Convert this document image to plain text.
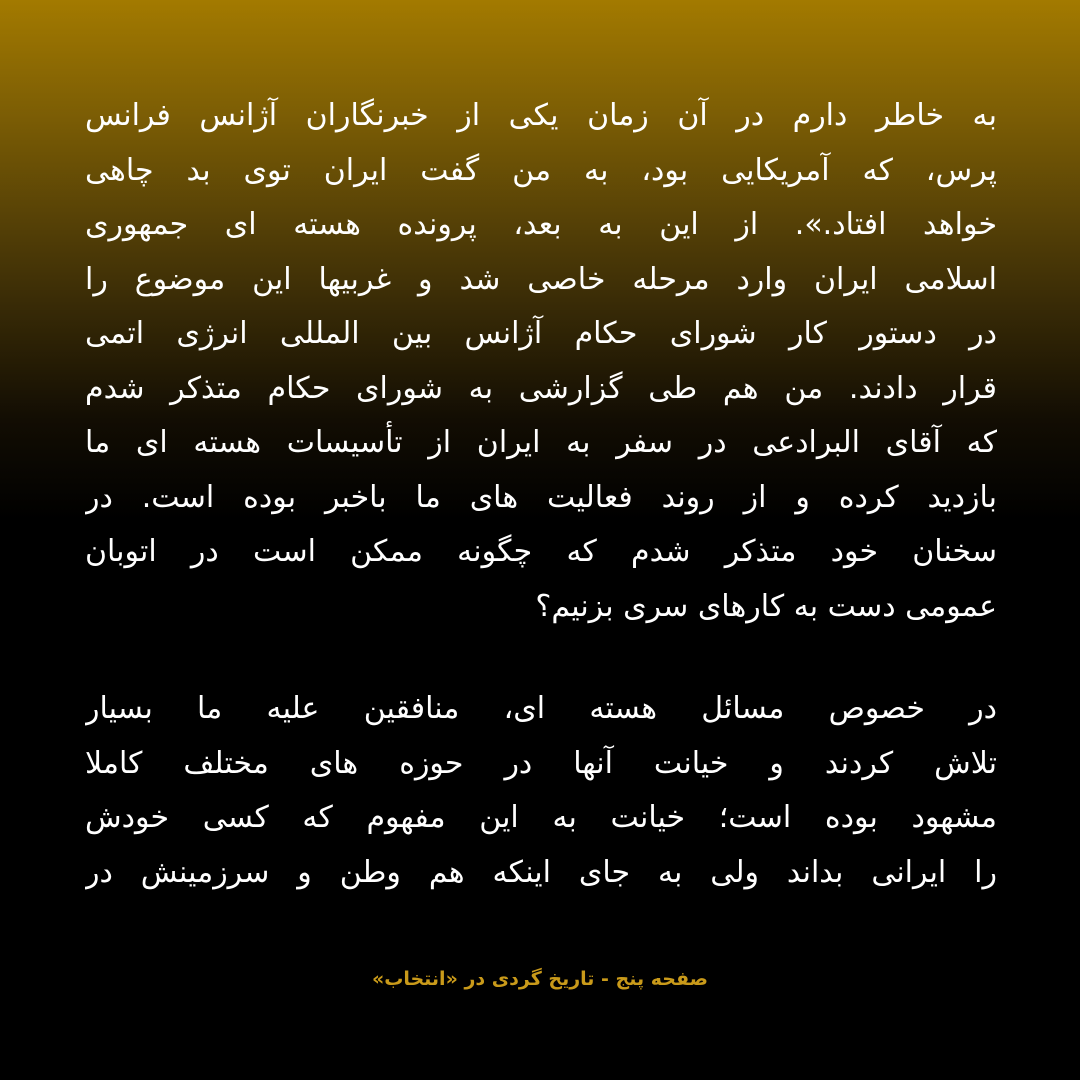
به خاطر دارم در آن زمان یکی از خبرنگاران آژانس فرانس
پرس، که آمریکایی بود، به من گفت ایران توی بد چاهی
خواهد افتاد.». از این به بعد، پرونده هسته ای جمهوری
اسلامی ایران وارد مرحله خاصی شد و غربیها این موضوع را
در دستور کار شورای حکام آژانس بین المللی انرژی اتمی
قرار دادند. من هم طی گزارشی به شورای حکام متذکر شدم
که آقای البرادعی در سفر به ایران از تأسیسات هسته ای ما
بازدید کرده و از روند فعالیت های ما باخبر بوده است. در
سخنان خود متذکر شدم که چگونه ممکن است در اتوبان
عمومی دست به کارهای سری بزنیم؟
در خصوص مسائل هسته ای، منافقین علیه ما بسیار
تلاش کردند و خیانت آنها در حوزه های مختلف کاملا
مشهود بوده است؛ خیانت به این مفهوم که کسی خودش
را ایرانی بداند ولی به جای اینکه هم وطن و سرزمینش در
صفحه پنج - تاریخ گردی در «انتخاب»
